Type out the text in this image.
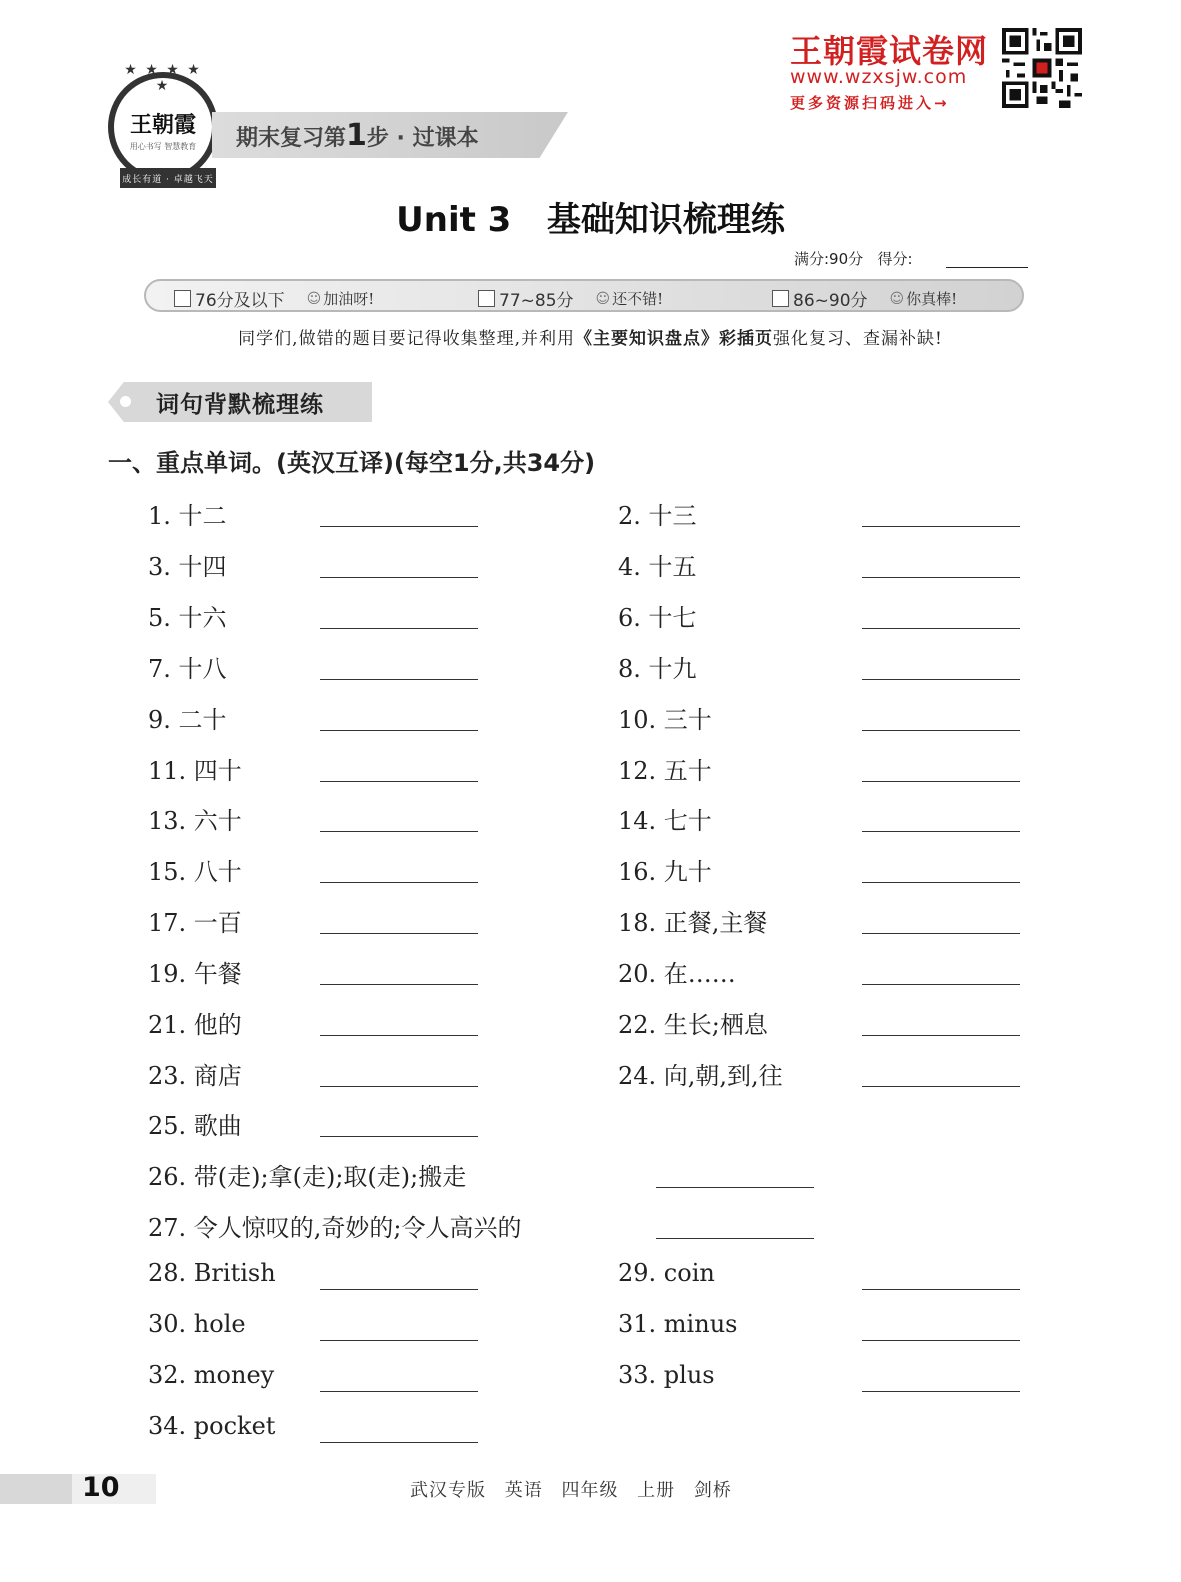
★ ★ ★ ★ ★
王朝霞
用心书写 智慧教育
成长有道 · 卓越飞天
期末复习第1步 · 过课本
王朝霞试卷网
www.wzxsjw.com
更多资源扫码进入→
Unit 3   基础知识梳理练
满分:90分 得分:
76分及以下 ☺ 加油呀!	77~85分 ☺ 还不错!	86~90分 ☺ 你真棒!
同学们,做错的题目要记得收集整理,并利用《主要知识盘点》彩插页强化复习、查漏补缺!
词句背默梳理练
一、重点单词。(英汉互译)(每空1分,共34分)
1. 十二	2. 十三
3. 十四	4. 十五
5. 十六	6. 十七
7. 十八	8. 十九
9. 二十	10. 三十
11. 四十	12. 五十
13. 六十	14. 七十
15. 八十	16. 九十
17. 一百	18. 正餐,主餐
19. 午餐	20. 在……
21. 他的	22. 生长;栖息
23. 商店	24. 向,朝,到,往
25. 歌曲
26. 带(走);拿(走);取(走);搬走
27. 令人惊叹的,奇妙的;令人高兴的
28. British	29. coin
30. hole	31. minus
32. money	33. plus
34. pocket
10	武汉专版 英语 四年级 上册 剑桥
